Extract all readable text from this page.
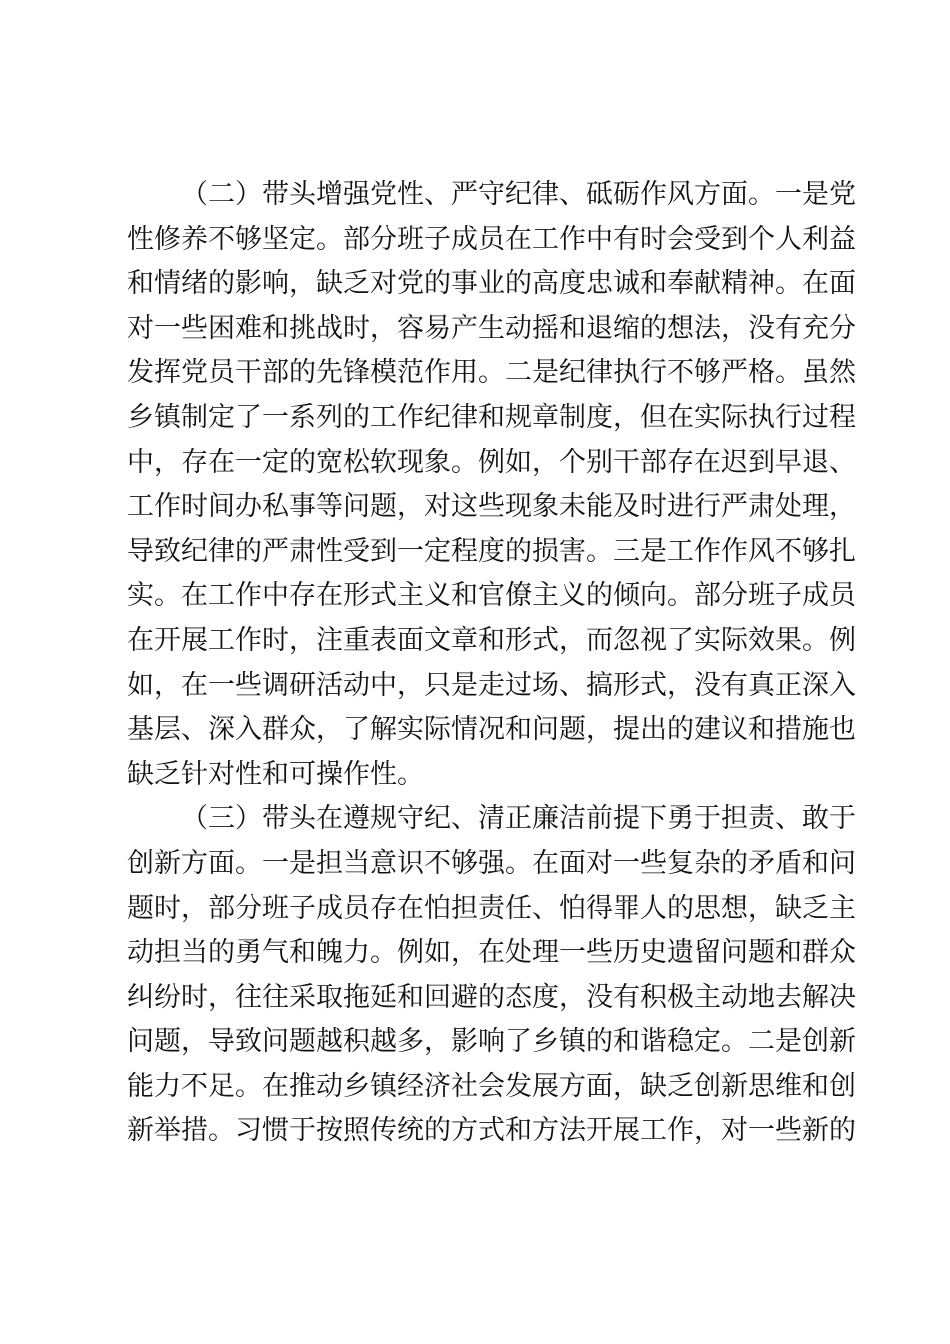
（二）带头增强党性、严守纪律、砥砺作风方面。一是党
性修养不够坚定。部分班子成员在工作中有时会受到个人利益
和情绪的影响，缺乏对党的事业的高度忠诚和奉献精神。在面
对一些困难和挑战时，容易产生动摇和退缩的想法，没有充分
发挥党员干部的先锋模范作用。二是纪律执行不够严格。虽然
乡镇制定了一系列的工作纪律和规章制度，但在实际执行过程
中，存在一定的宽松软现象。例如，个别干部存在迟到早退、
工作时间办私事等问题，对这些现象未能及时进行严肃处理，
导致纪律的严肃性受到一定程度的损害。三是工作作风不够扎
实。在工作中存在形式主义和官僚主义的倾向。部分班子成员
在开展工作时，注重表面文章和形式，而忽视了实际效果。例
如，在一些调研活动中，只是走过场、搞形式，没有真正深入
基层、深入群众，了解实际情况和问题，提出的建议和措施也
缺乏针对性和可操作性。
（三）带头在遵规守纪、清正廉洁前提下勇于担责、敢于
创新方面。一是担当意识不够强。在面对一些复杂的矛盾和问
题时，部分班子成员存在怕担责任、怕得罪人的思想，缺乏主
动担当的勇气和魄力。例如，在处理一些历史遗留问题和群众
纠纷时，往往采取拖延和回避的态度，没有积极主动地去解决
问题，导致问题越积越多，影响了乡镇的和谐稳定。二是创新
能力不足。在推动乡镇经济社会发展方面，缺乏创新思维和创
新举措。习惯于按照传统的方式和方法开展工作，对一些新的
